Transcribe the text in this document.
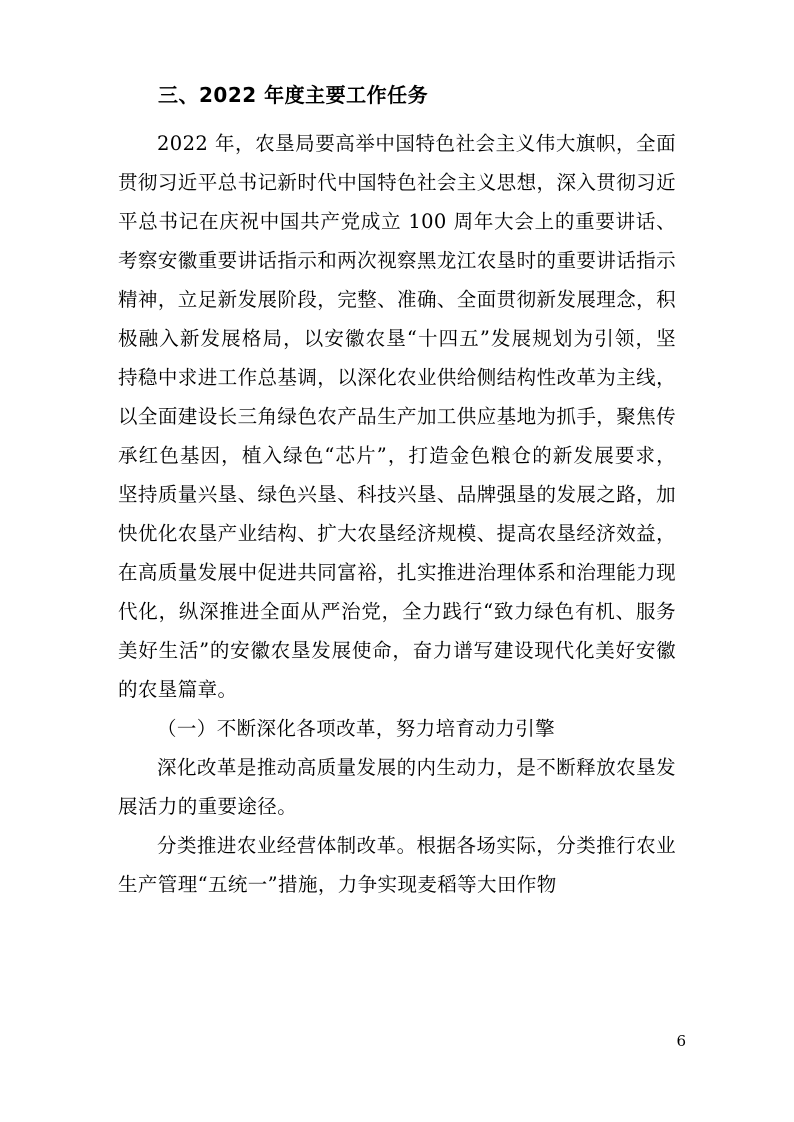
三、2022 年度主要工作任务

2022 年，农垦局要高举中国特色社会主义伟大旗帜，全面贯彻习近平总书记新时代中国特色社会主义思想，深入贯彻习近平总书记在庆祝中国共产党成立 100 周年大会上的重要讲话、考察安徽重要讲话指示和两次视察黑龙江农垦时的重要讲话指示精神，立足新发展阶段，完整、准确、全面贯彻新发展理念，积极融入新发展格局，以安徽农垦“十四五”发展规划为引领，坚持稳中求进工作总基调，以深化农业供给侧结构性改革为主线，以全面建设长三角绿色农产品生产加工供应基地为抓手，聚焦传承红色基因，植入绿色“芯片”，打造金色粮仓的新发展要求，坚持质量兴垦、绿色兴垦、科技兴垦、品牌强垦的发展之路，加快优化农垦产业结构、扩大农垦经济规模、提高农垦经济效益，在高质量发展中促进共同富裕，扎实推进治理体系和治理能力现代化，纵深推进全面从严治党，全力践行“致力绿色有机、服务美好生活”的安徽农垦发展使命，奋力谱写建设现代化美好安徽的农垦篇章。

（一）不断深化各项改革，努力培育动力引擎

深化改革是推动高质量发展的内生动力，是不断释放农垦发展活力的重要途径。

分类推进农业经营体制改革。根据各场实际，分类推行农业生产管理“五统一”措施，力争实现麦稻等大田作物

6
